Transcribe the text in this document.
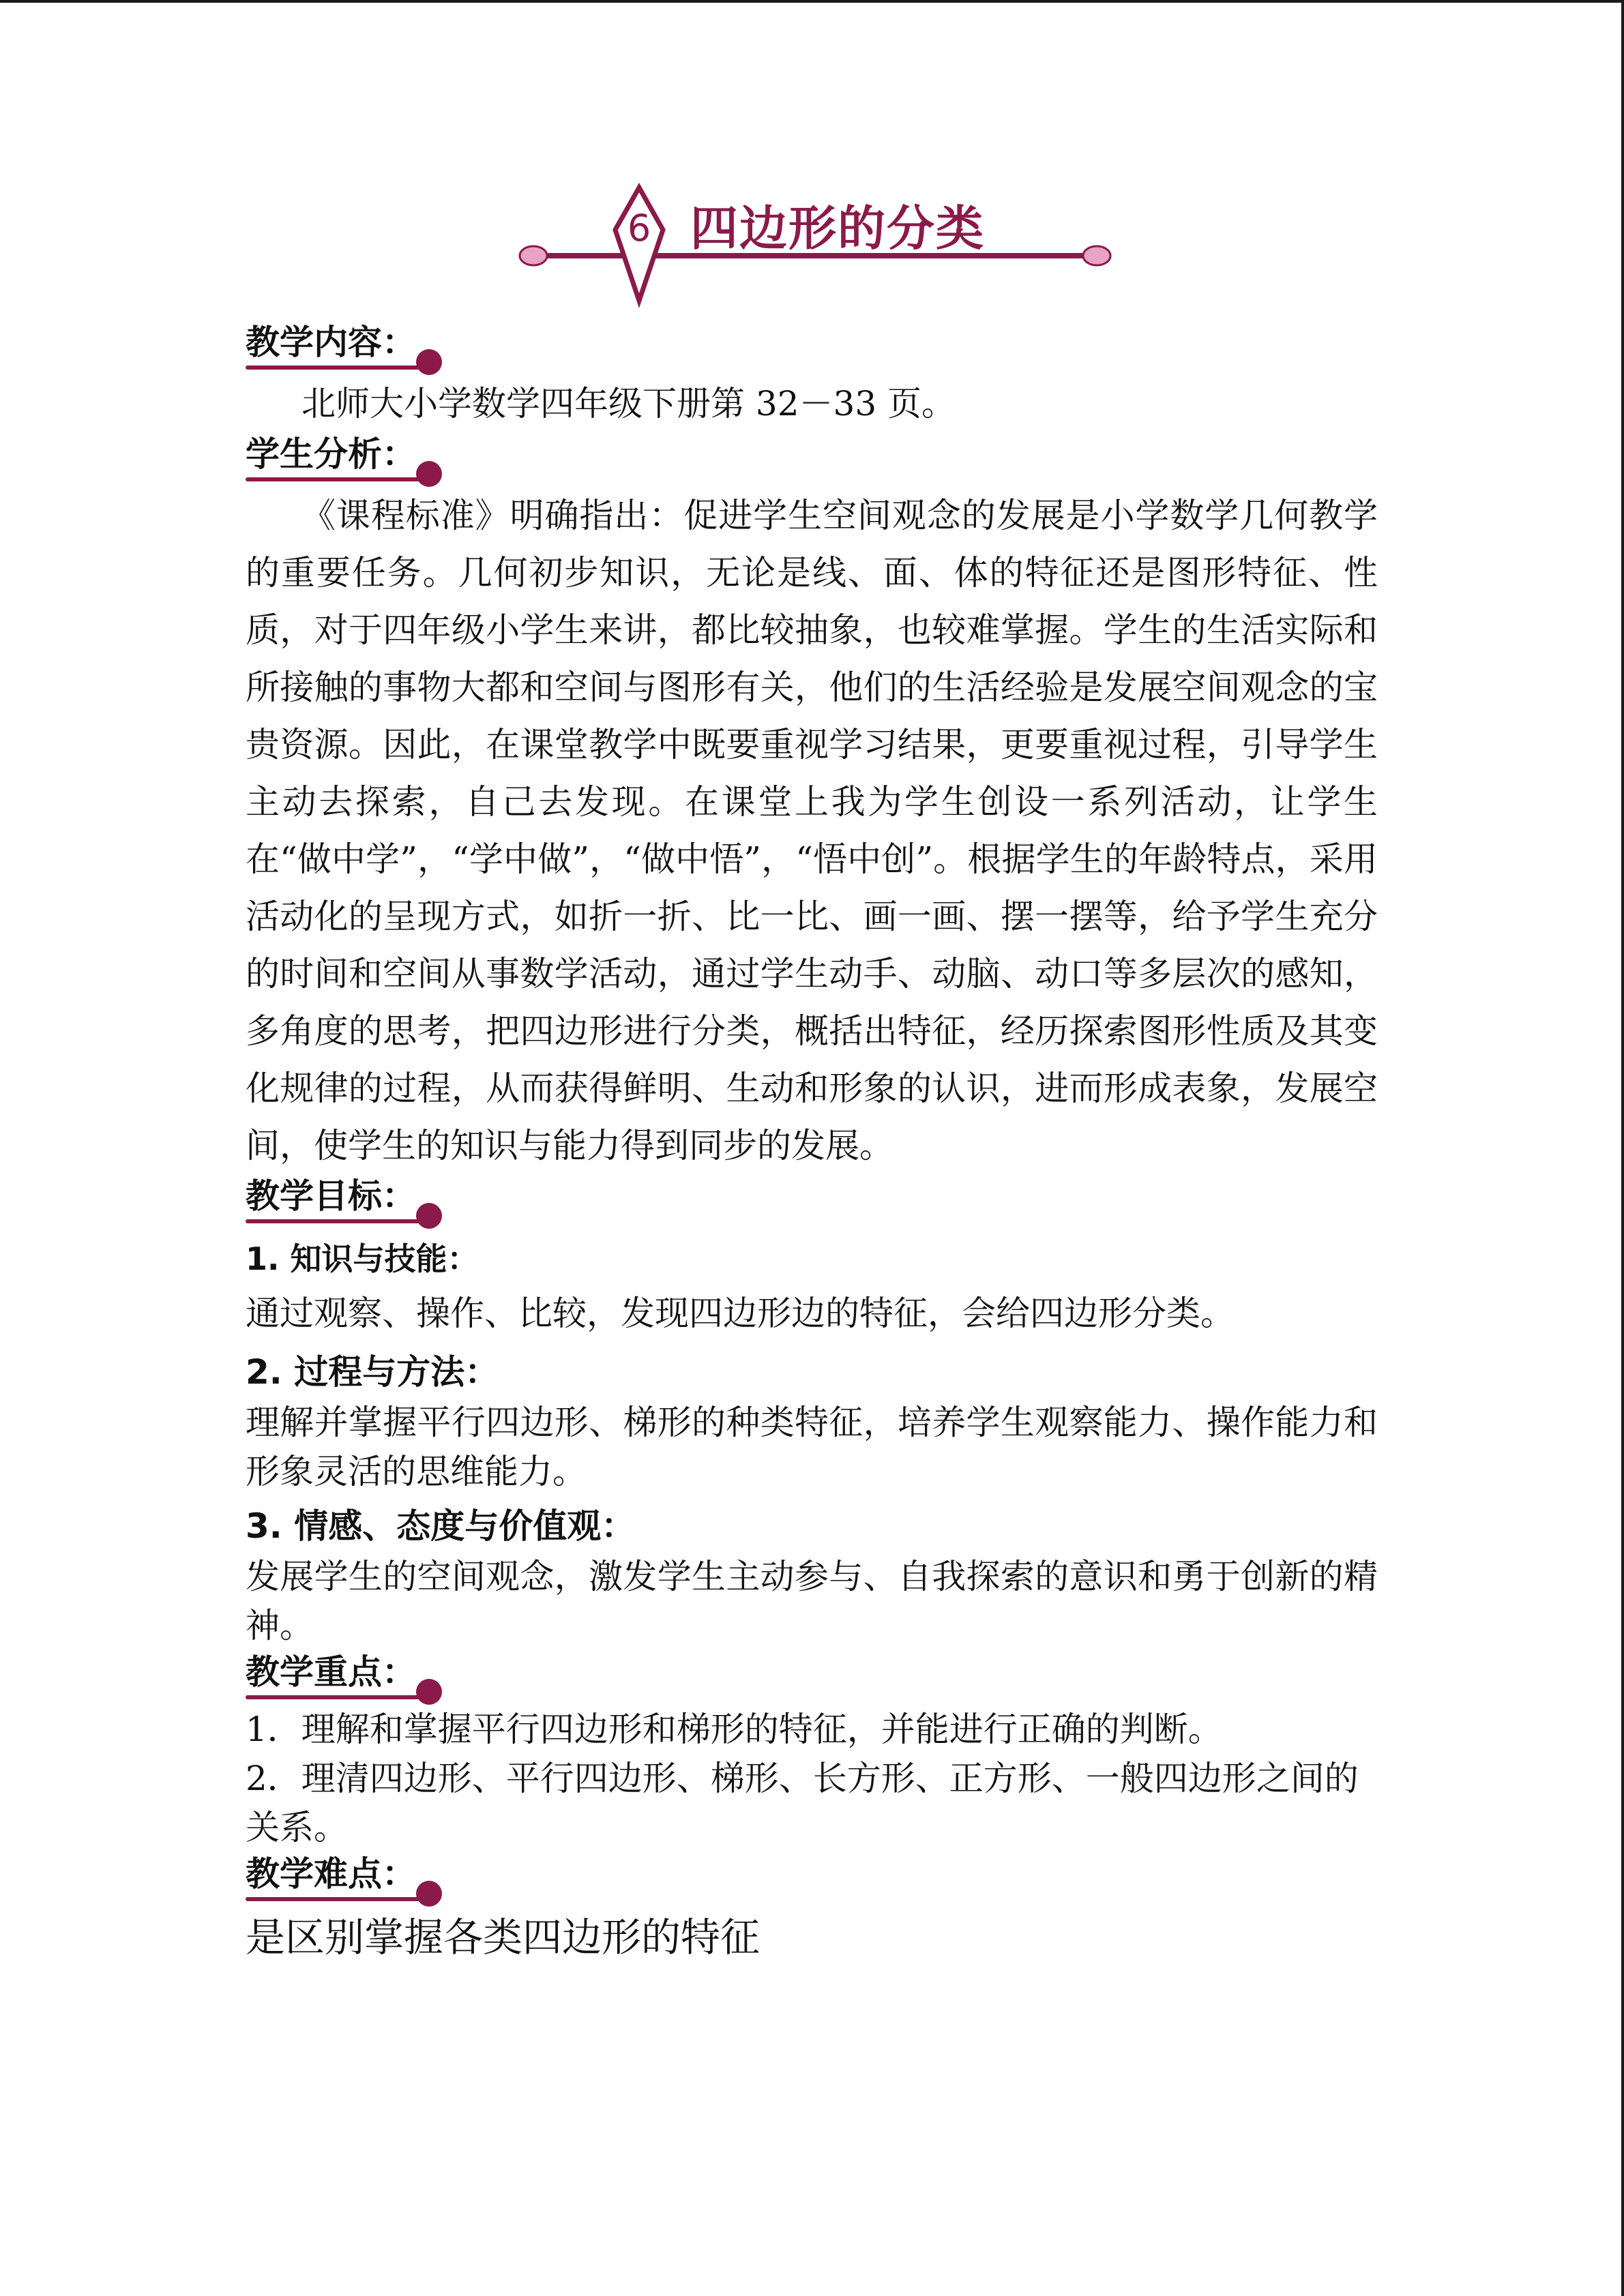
6 四边形的分类
教学内容：

北师大小学数学四年级下册第 32－33 页。

学生分析：

《课程标准》明确指出：促进学生空间观念的发展是小学数学几何教学的重要任务。几何初步知识，无论是线、面、体的特征还是图形特征、性质，对于四年级小学生来讲，都比较抽象，也较难掌握。学生的生活实际和所接触的事物大都和空间与图形有关，他们的生活经验是发展空间观念的宝贵资源。因此，在课堂教学中既要重视学习结果，更要重视过程，引导学生主动去探索，自己去发现。在课堂上我为学生创设一系列活动，让学生在“做中学”，“学中做”，“做中悟”，“悟中创”。根据学生的年龄特点，采用活动化的呈现方式，如折一折、比一比、画一画、摆一摆等，给予学生充分的时间和空间从事数学活动，通过学生动手、动脑、动口等多层次的感知，多角度的思考，把四边形进行分类，概括出特征，经历探索图形性质及其变化规律的过程，从而获得鲜明、生动和形象的认识，进而形成表象，发展空间，使学生的知识与能力得到同步的发展。

教学目标：
1. 知识与技能：

通过观察、操作、比较，发现四边形边的特征，会给四边形分类。

2. 过程与方法：

理解并掌握平行四边形、梯形的种类特征，培养学生观察能力、操作能力和形象灵活的思维能力。

3. 情感、态度与价值观：

发展学生的空间观念，激发学生主动参与、自我探索的意识和勇于创新的精神。

教学重点：

1．理解和掌握平行四边形和梯形的特征，并能进行正确的判断。

2．理清四边形、平行四边形、梯形、长方形、正方形、一般四边形之间的关系。

教学难点：

是区别掌握各类四边形的特征
